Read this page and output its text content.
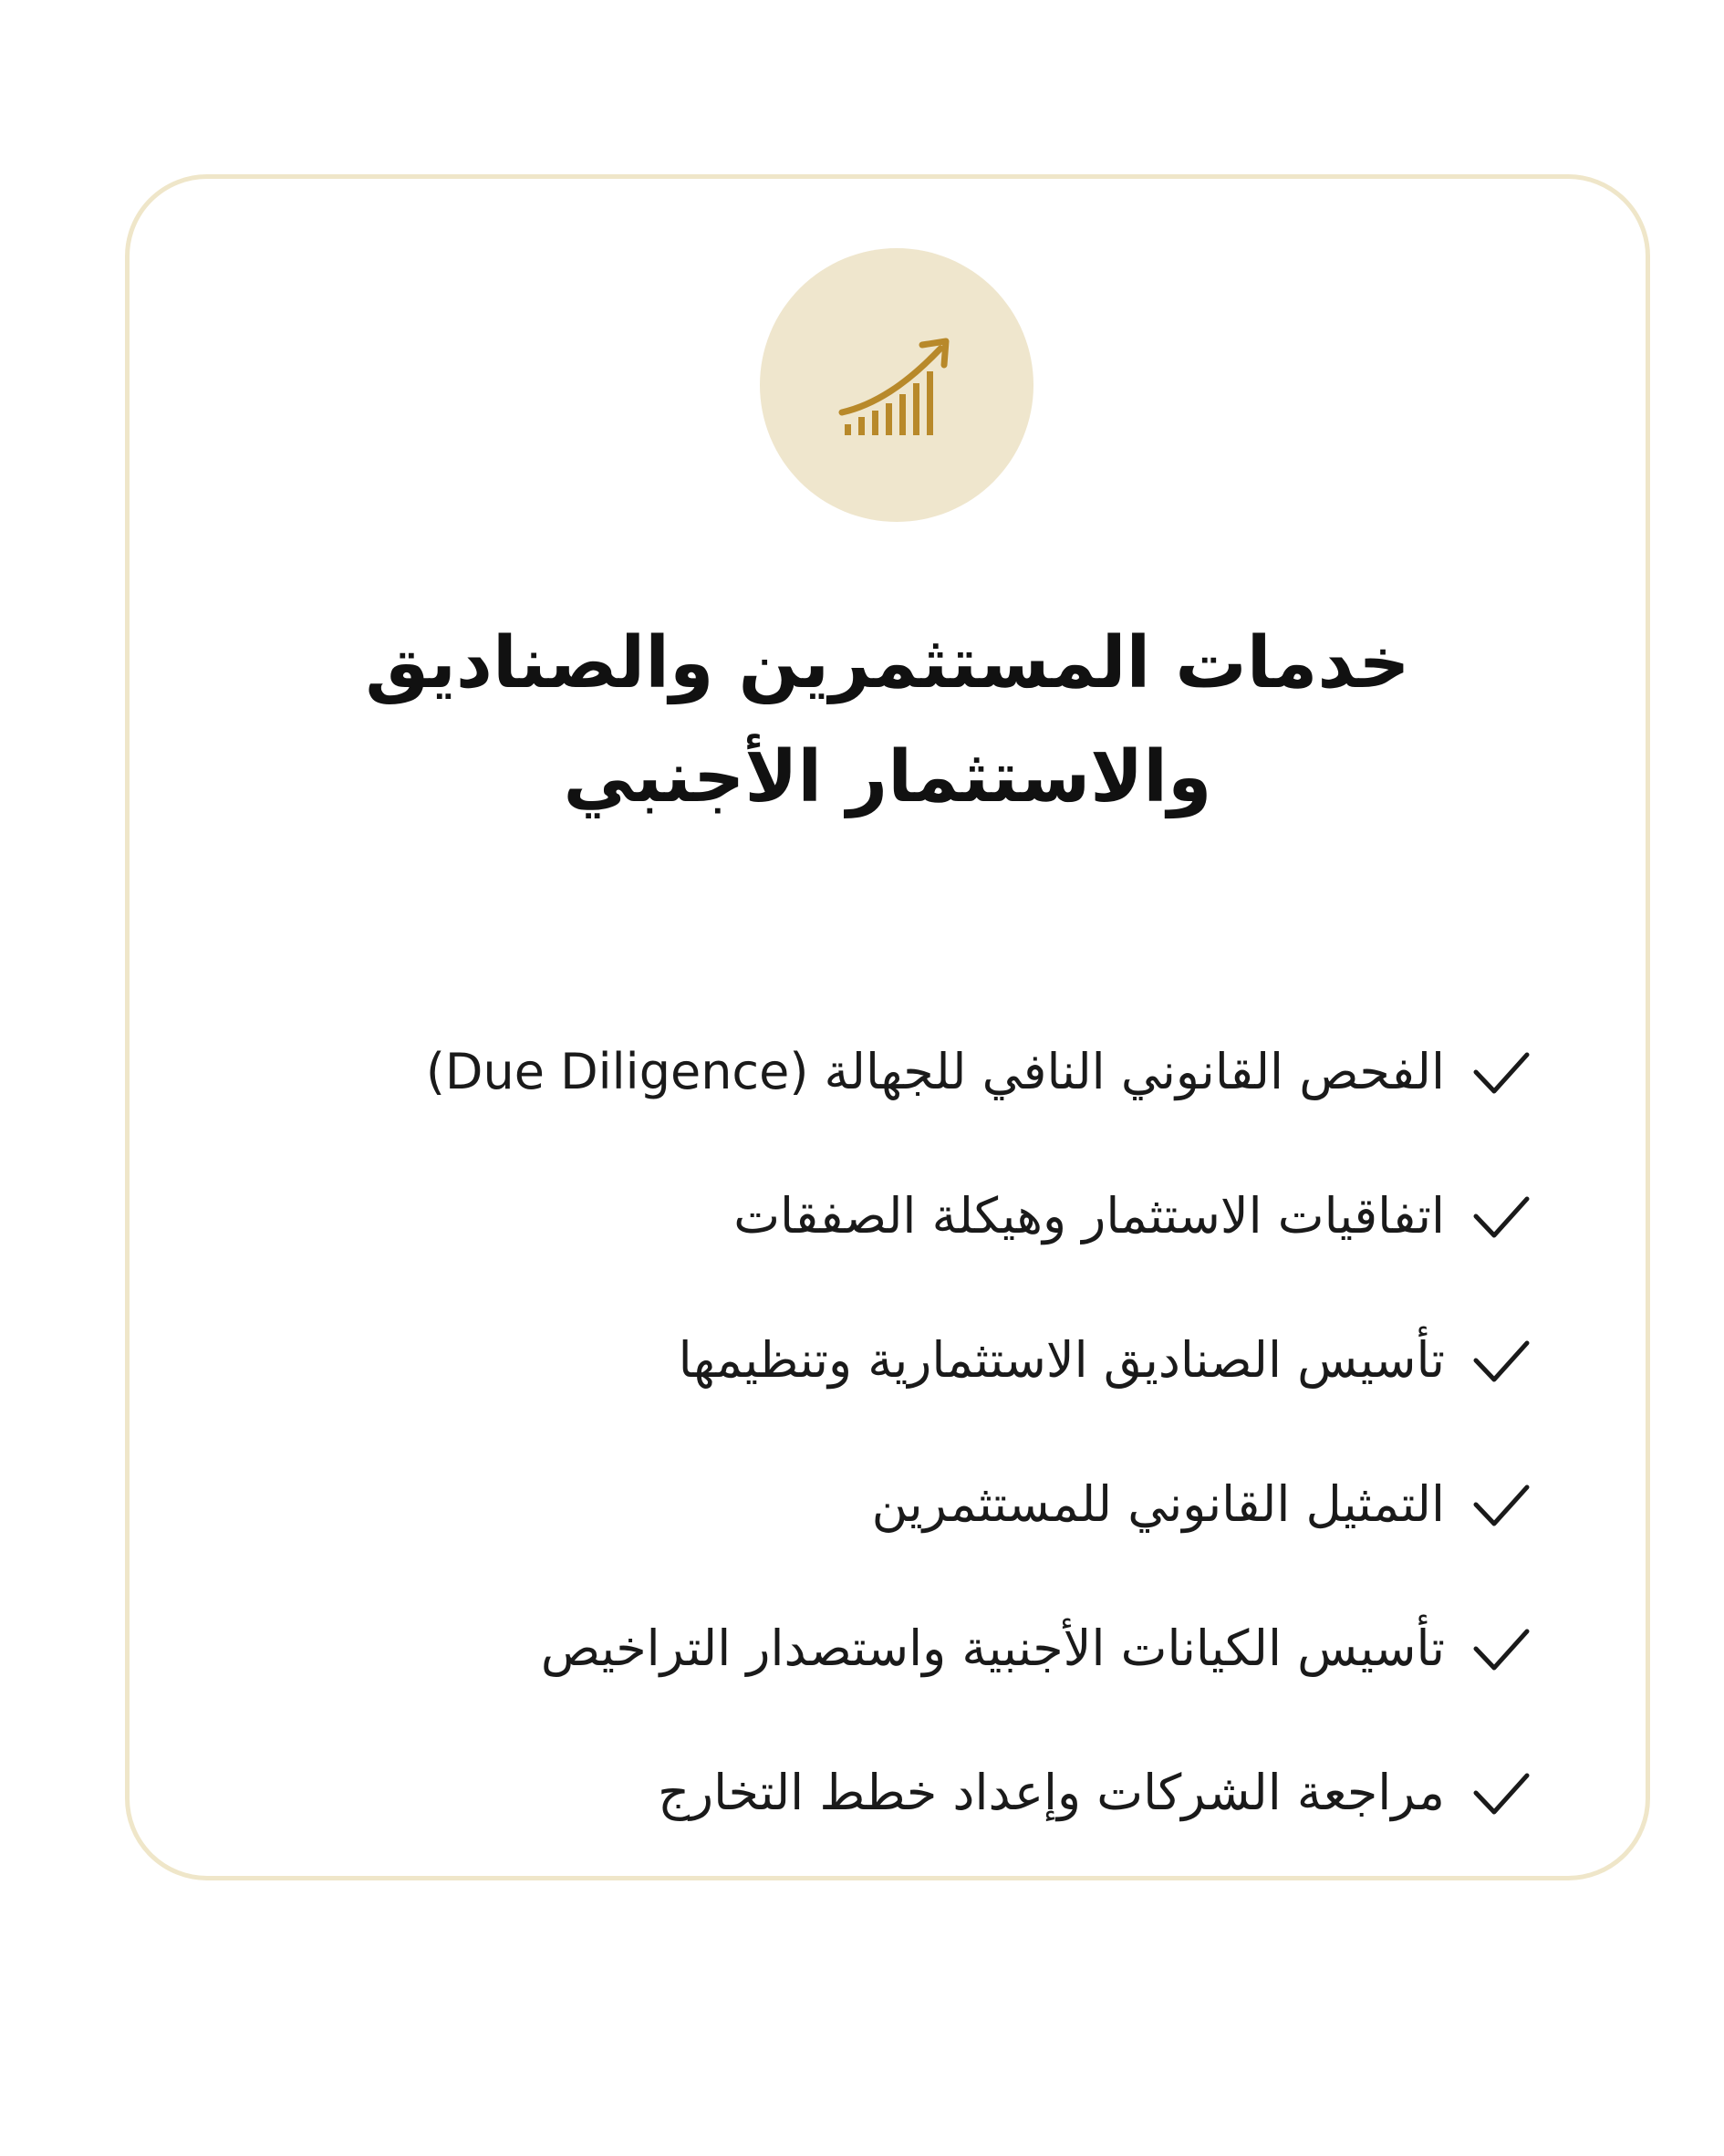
خدمات المستثمرين والصناديق
والاستثمار الأجنبي
الفحص القانوني النافي للجهالة (Due Diligence)
اتفاقيات الاستثمار وهيكلة الصفقات
تأسيس الصناديق الاستثمارية وتنظيمها
التمثيل القانوني للمستثمرين
تأسيس الكيانات الأجنبية واستصدار التراخيص
مراجعة الشركات وإعداد خطط التخارج
